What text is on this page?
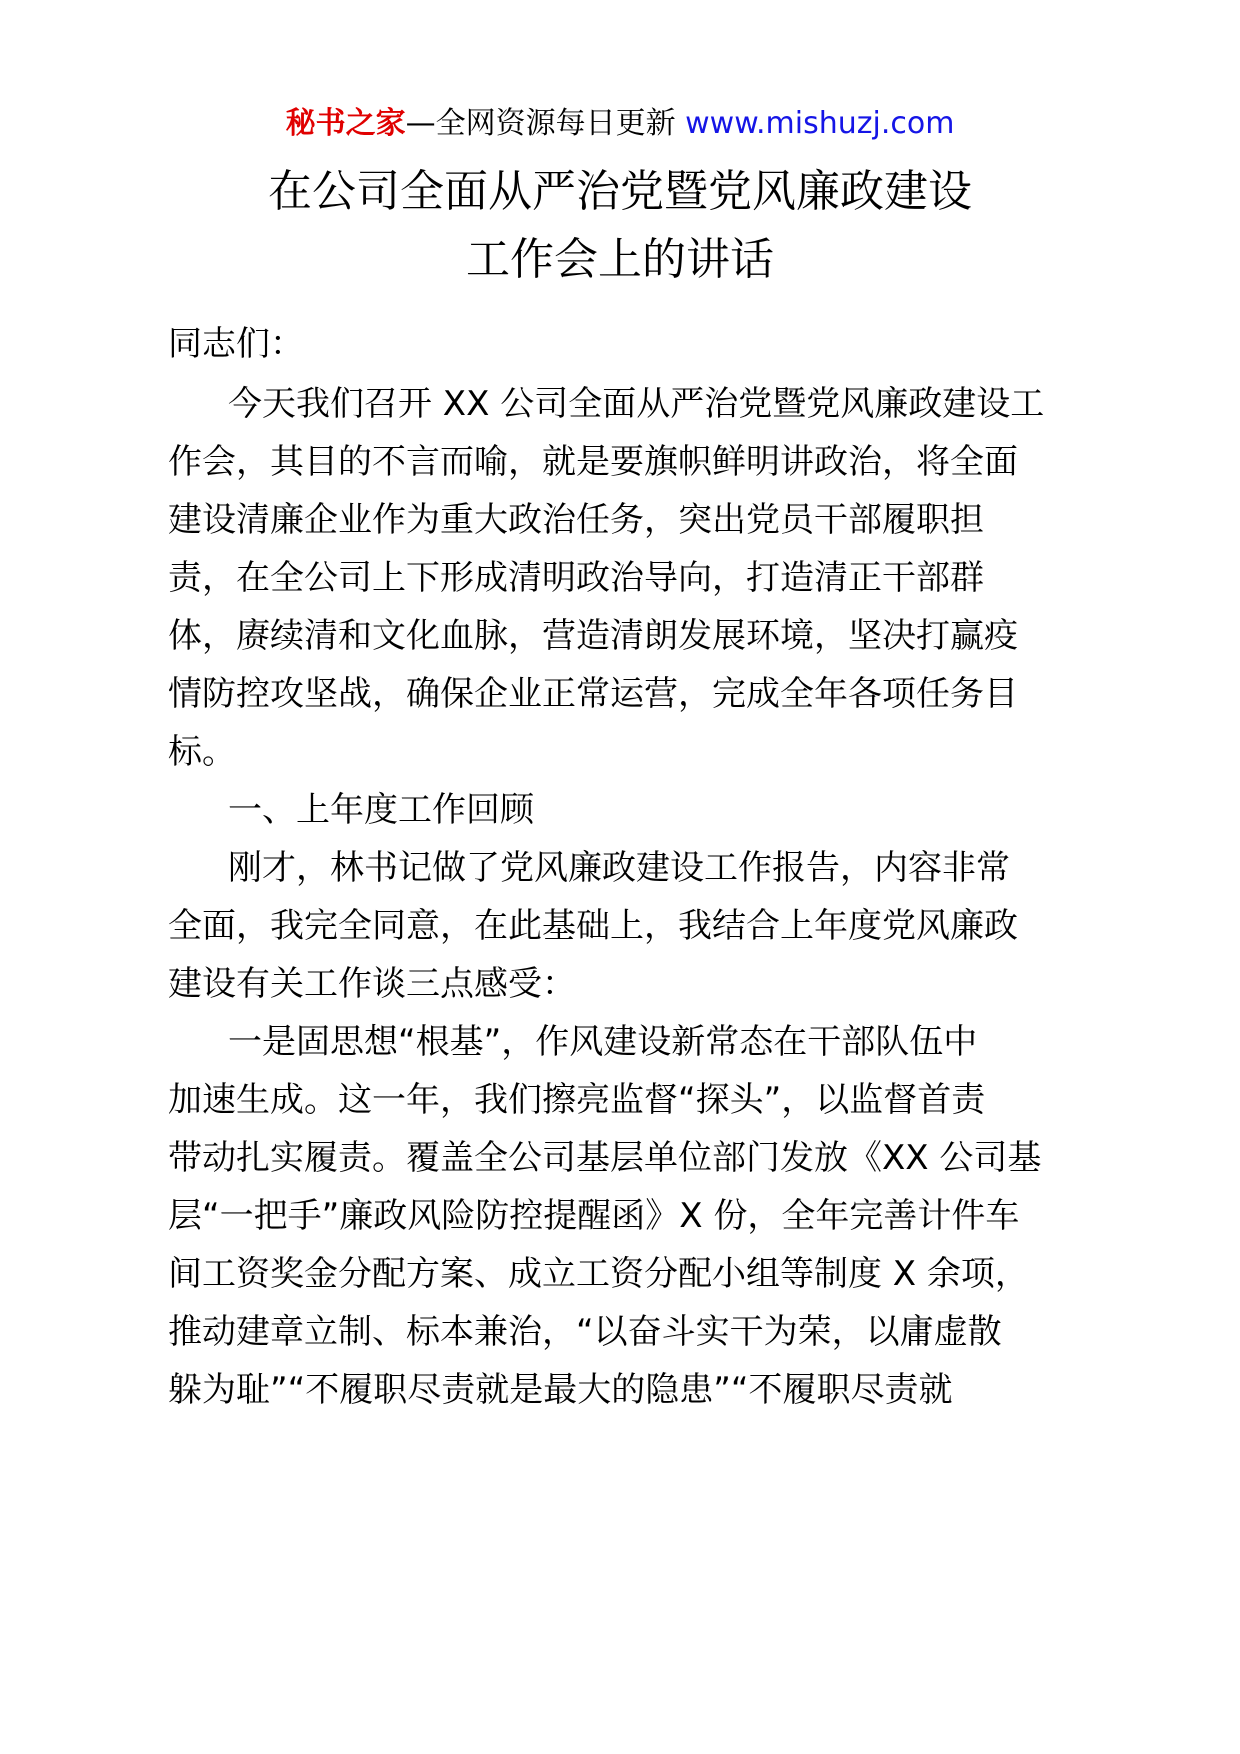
秘书之家—全网资源每日更新 www.mishuzj.com
在公司全面从严治党暨党风廉政建设
工作会上的讲话
同志们：
今天我们召开 XX 公司全面从严治党暨党风廉政建设工
作会，其目的不言而喻，就是要旗帜鲜明讲政治，将全面
建设清廉企业作为重大政治任务，突出党员干部履职担
责，在全公司上下形成清明政治导向，打造清正干部群
体，赓续清和文化血脉，营造清朗发展环境，坚决打赢疫
情防控攻坚战，确保企业正常运营，完成全年各项任务目
标。
一、上年度工作回顾
刚才，林书记做了党风廉政建设工作报告，内容非常
全面，我完全同意，在此基础上，我结合上年度党风廉政
建设有关工作谈三点感受：
一是固思想“根基”，作风建设新常态在干部队伍中
加速生成。这一年，我们擦亮监督“探头”，以监督首责
带动扎实履责。覆盖全公司基层单位部门发放《XX 公司基
层“一把手”廉政风险防控提醒函》X 份，全年完善计件车
间工资奖金分配方案、成立工资分配小组等制度 X 余项，
推动建章立制、标本兼治，“以奋斗实干为荣，以庸虚散
躲为耻”“不履职尽责就是最大的隐患”“不履职尽责就
